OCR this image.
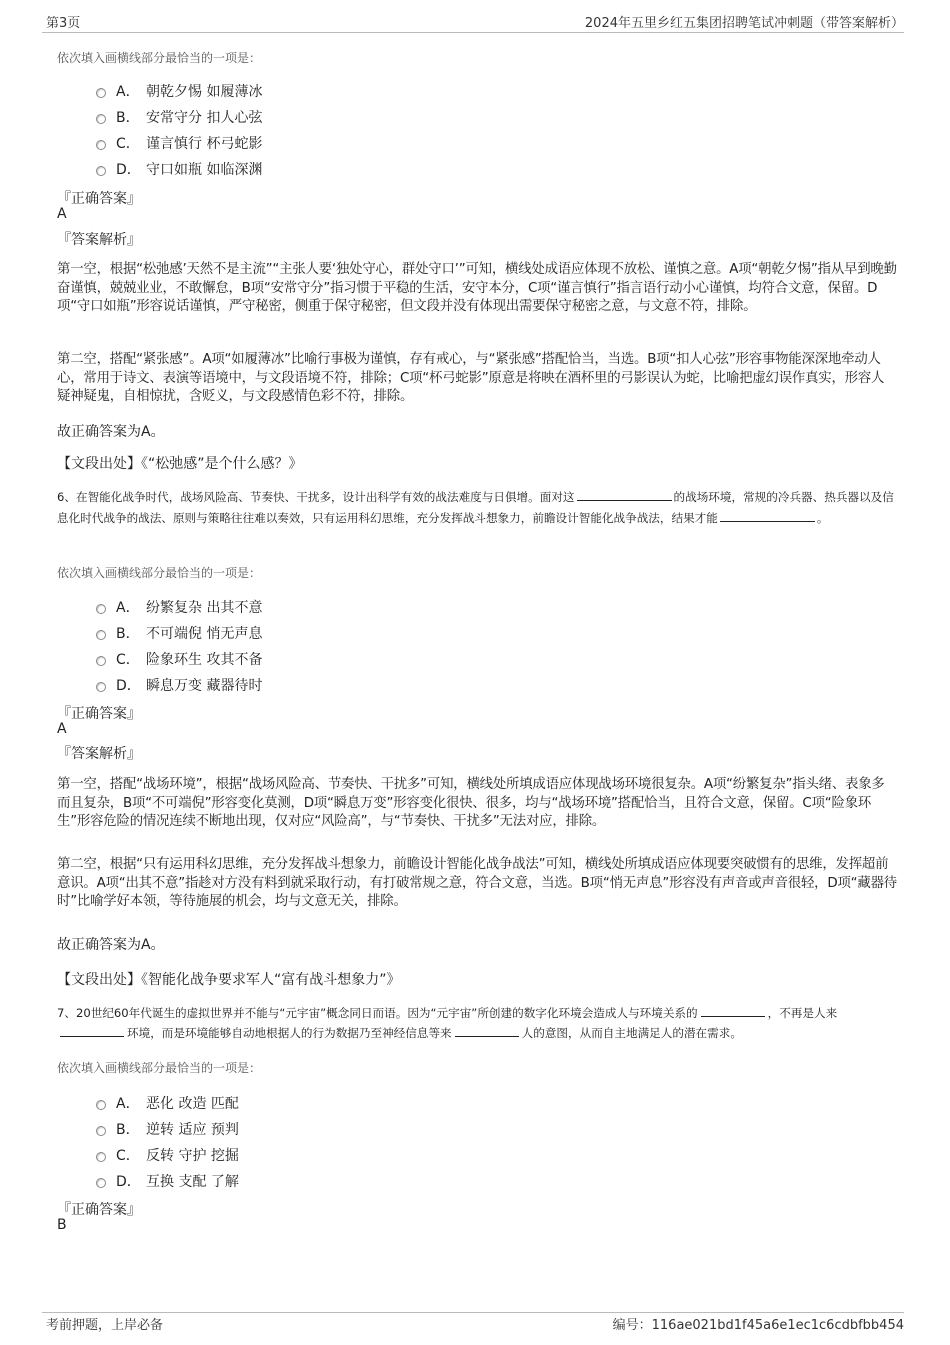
第3页	2024年五里乡红五集团招聘笔试冲刺题（带答案解析）
依次填入画横线部分最恰当的一项是：
A． 朝乾夕惕 如履薄冰
B． 安常守分 扣人心弦
C． 谨言慎行 杯弓蛇影
D． 守口如瓶 如临深渊
『正确答案』
A
『答案解析』
第一空，根据“松弛感’天然不是主流”“主张人要‘独处守心，群处守口’”可知，横线处成语应体现不放松、谨慎之意。A项“朝乾夕惕”指从早到晚勤奋谨慎，兢兢业业，不敢懈怠，B项“安常守分”指习惯于平稳的生活，安守本分，C项“谨言慎行”指言语行动小心谨慎，均符合文意，保留。D项“守口如瓶”形容说话谨慎，严守秘密，侧重于保守秘密，但文段并没有体现出需要保守秘密之意，与文意不符，排除。
第二空，搭配“紧张感”。A项“如履薄冰”比喻行事极为谨慎，存有戒心，与“紧张感”搭配恰当，当选。B项“扣人心弦”形容事物能深深地牵动人心，常用于诗文、表演等语境中，与文段语境不符，排除；C项“杯弓蛇影”原意是将映在酒杯里的弓影误认为蛇，比喻把虚幻误作真实，形容人疑神疑鬼，自相惊扰，含贬义，与文段感情色彩不符，排除。
故正确答案为A。
【文段出处】《“松弛感”是个什么感？》
6、在智能化战争时代，战场风险高、节奏快、干扰多，设计出科学有效的战法难度与日俱增。面对这	的战场环境，常规的冷兵器、热兵器以及信息化时代战争的战法、原则与策略往往难以奏效，只有运用科幻思维，充分发挥战斗想象力，前瞻设计智能化战争战法，结果才能	。
依次填入画横线部分最恰当的一项是：
A． 纷繁复杂 出其不意
B． 不可端倪 悄无声息
C． 险象环生 攻其不备
D． 瞬息万变 藏器待时
『正确答案』
A
『答案解析』
第一空，搭配“战场环境”，根据“战场风险高、节奏快、干扰多”可知，横线处所填成语应体现战场环境很复杂。A项“纷繁复杂”指头绪、表象多而且复杂，B项“不可端倪”形容变化莫测，D项“瞬息万变”形容变化很快、很多，均与“战场环境”搭配恰当，且符合文意，保留。C项“险象环生”形容危险的情况连续不断地出现，仅对应“风险高”，与“节奏快、干扰多”无法对应，排除。
第二空，根据“只有运用科幻思维，充分发挥战斗想象力，前瞻设计智能化战争战法”可知，横线处所填成语应体现要突破惯有的思维，发挥超前意识。A项“出其不意”指趁对方没有料到就采取行动，有打破常规之意，符合文意，当选。B项“悄无声息”形容没有声音或声音很轻，D项“藏器待时”比喻学好本领，等待施展的机会，均与文意无关，排除。
故正确答案为A。
【文段出处】《智能化战争要求军人“富有战斗想象力”》
7、20世纪60年代诞生的虚拟世界并不能与“元宇宙”概念同日而语。因为“元宇宙”所创建的数字化环境会造成人与环境关系的	，不再是人来环境，而是环境能够自动地根据人的行为数据乃至神经信息等来	人的意图，从而自主地满足人的潜在需求。
依次填入画横线部分最恰当的一项是：
A． 恶化 改造 匹配
B． 逆转 适应 预判
C． 反转 守护 挖掘
D． 互换 支配 了解
『正确答案』
B
考前押题，上岸必备	编号：116ae021bd1f45a6e1ec1c6cdbfbb454
